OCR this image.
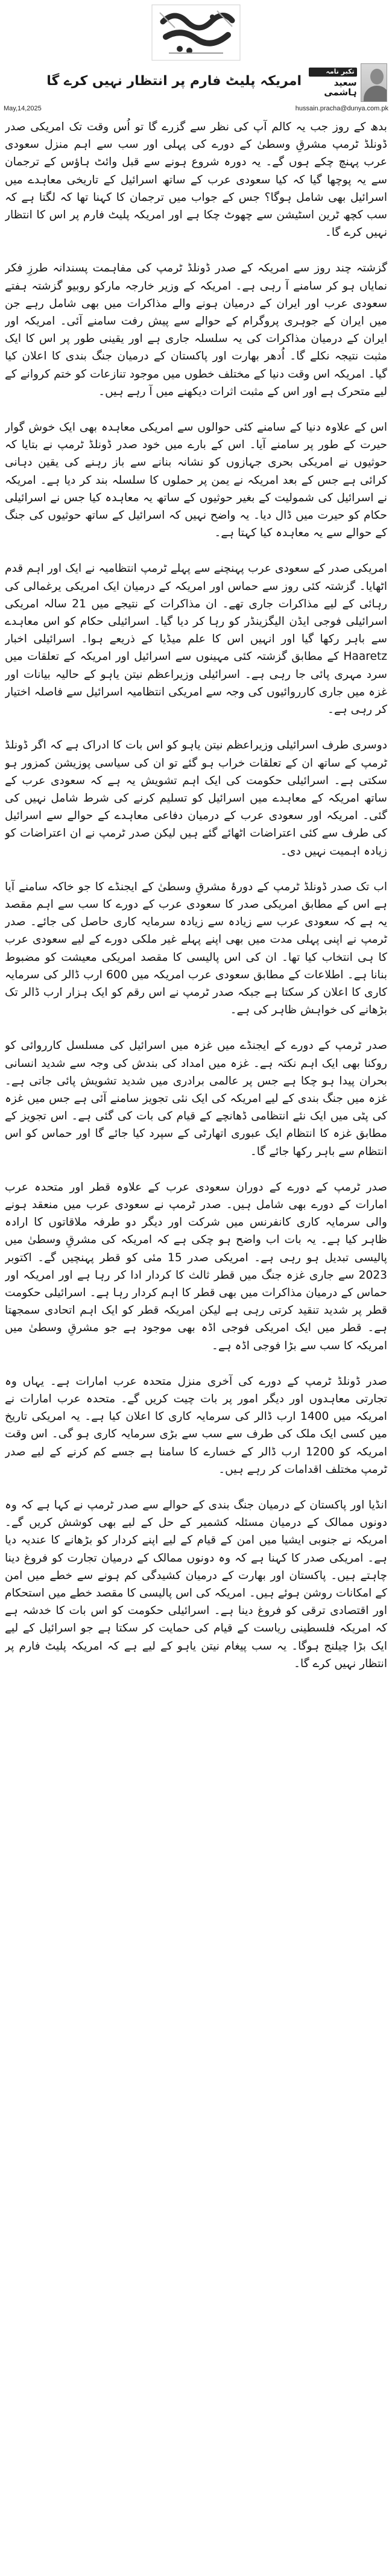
امریکہ پلیٹ فارم پر انتظار نہیں کرے گا
تکبر نامہ
سعید ہاشمی
May,14,2025	hussain.pracha@dunya.com.pk

بدھ کے روز جب یہ کالم آپ کی نظر سے گزرے گا تو اُس وقت تک امریکی صدر ڈونلڈ ٹرمپ مشرقِ وسطیٰ کے دورے کی پہلی اور سب سے اہم منزل سعودی عرب پہنچ چکے ہوں گے۔ یہ دورہ شروع ہونے سے قبل وائٹ ہاؤس کے ترجمان سے یہ پوچھا گیا کہ کیا سعودی عرب کے ساتھ اسرائیل کے تاریخی معاہدے میں اسرائیل بھی شامل ہوگا؟ جس کے جواب میں ترجمان کا کہنا تھا کہ لگتا ہے کہ سب کچھ ٹرین اسٹیشن سے چھوٹ چکا ہے اور امریکہ پلیٹ فارم پر اس کا انتظار نہیں کرے گا۔

گزشتہ چند روز سے امریکہ کے صدر ڈونلڈ ٹرمپ کی مفاہمت پسندانہ طرزِ فکر نمایاں ہو کر سامنے آ رہی ہے۔ امریکہ کے وزیر خارجہ مارکو روبیو گزشتہ ہفتے سعودی عرب اور ایران کے درمیان ہونے والے مذاکرات میں بھی شامل رہے جن میں ایران کے جوہری پروگرام کے حوالے سے پیش رفت سامنے آئی۔ امریکہ اور ایران کے درمیان مذاکرات کی یہ سلسلہ جاری ہے اور یقینی طور پر اس کا ایک مثبت نتیجہ نکلے گا۔ اُدھر بھارت اور پاکستان کے درمیان جنگ بندی کا اعلان کیا گیا۔ امریکہ اس وقت دنیا کے مختلف خطوں میں موجود تنازعات کو ختم کروانے کے لیے متحرک ہے اور اس کے مثبت اثرات دیکھنے میں آ رہے ہیں۔

اس کے علاوہ دنیا کے سامنے کئی حوالوں سے امریکی معاہدہ بھی ایک خوش گوار حیرت کے طور پر سامنے آیا۔ اس کے بارے میں خود صدر ڈونلڈ ٹرمپ نے بتایا کہ حوثیوں نے امریکی بحری جہازوں کو نشانہ بنانے سے باز رہنے کی یقین دہانی کرائی ہے جس کے بعد امریکہ نے یمن پر حملوں کا سلسلہ بند کر دیا ہے۔ امریکہ نے اسرائیل کی شمولیت کے بغیر حوثیوں کے ساتھ یہ معاہدہ کیا جس نے اسرائیلی حکام کو حیرت میں ڈال دیا۔ یہ واضح نہیں کہ اسرائیل کے ساتھ حوثیوں کی جنگ کے حوالے سے یہ معاہدہ کیا کہتا ہے۔

امریکی صدر کے سعودی عرب پہنچنے سے پہلے ٹرمپ انتظامیہ نے ایک اور اہم قدم اٹھایا۔ گزشتہ کئی روز سے حماس اور امریکہ کے درمیان ایک امریکی یرغمالی کی رہائی کے لیے مذاکرات جاری تھے۔ ان مذاکرات کے نتیجے میں 21 سالہ امریکی اسرائیلی فوجی ایڈن الیگزینڈر کو رہا کر دیا گیا۔ اسرائیلی حکام کو اس معاہدے سے باہر رکھا گیا اور انہیں اس کا علم میڈیا کے ذریعے ہوا۔ اسرائیلی اخبار Haaretz کے مطابق گزشتہ کئی مہینوں سے اسرائیل اور امریکہ کے تعلقات میں سرد مہری پائی جا رہی ہے۔ اسرائیلی وزیراعظم نیتن یاہو کے حالیہ بیانات اور غزہ میں جاری کارروائیوں کی وجہ سے امریکی انتظامیہ اسرائیل سے فاصلہ اختیار کر رہی ہے۔

دوسری طرف اسرائیلی وزیراعظم نیتن یاہو کو اس بات کا ادراک ہے کہ اگر ڈونلڈ ٹرمپ کے ساتھ ان کے تعلقات خراب ہو گئے تو ان کی سیاسی پوزیشن کمزور ہو سکتی ہے۔ اسرائیلی حکومت کی ایک اہم تشویش یہ ہے کہ سعودی عرب کے ساتھ امریکہ کے معاہدے میں اسرائیل کو تسلیم کرنے کی شرط شامل نہیں کی گئی۔ امریکہ اور سعودی عرب کے درمیان دفاعی معاہدے کے حوالے سے اسرائیل کی طرف سے کئی اعتراضات اٹھائے گئے ہیں لیکن صدر ٹرمپ نے ان اعتراضات کو زیادہ اہمیت نہیں دی۔

اب تک صدر ڈونلڈ ٹرمپ کے دورۂ مشرقِ وسطیٰ کے ایجنڈے کا جو خاکہ سامنے آیا ہے اس کے مطابق امریکی صدر کا سعودی عرب کے دورے کا سب سے اہم مقصد یہ ہے کہ سعودی عرب سے زیادہ سے زیادہ سرمایہ کاری حاصل کی جائے۔ صدر ٹرمپ نے اپنی پہلی مدت میں بھی اپنے پہلے غیر ملکی دورے کے لیے سعودی عرب کا ہی انتخاب کیا تھا۔ ان کی اس پالیسی کا مقصد امریکی معیشت کو مضبوط بنانا ہے۔ اطلاعات کے مطابق سعودی عرب امریکہ میں 600 ارب ڈالر کی سرمایہ کاری کا اعلان کر سکتا ہے جبکہ صدر ٹرمپ نے اس رقم کو ایک ہزار ارب ڈالر تک بڑھانے کی خواہش ظاہر کی ہے۔

صدر ٹرمپ کے دورے کے ایجنڈے میں غزہ میں اسرائیل کی مسلسل کارروائی کو روکنا بھی ایک اہم نکتہ ہے۔ غزہ میں امداد کی بندش کی وجہ سے شدید انسانی بحران پیدا ہو چکا ہے جس پر عالمی برادری میں شدید تشویش پائی جاتی ہے۔ غزہ میں جنگ بندی کے لیے امریکہ کی ایک نئی تجویز سامنے آئی ہے جس میں غزہ کی پٹی میں ایک نئے انتظامی ڈھانچے کے قیام کی بات کی گئی ہے۔ اس تجویز کے مطابق غزہ کا انتظام ایک عبوری اتھارٹی کے سپرد کیا جائے گا اور حماس کو اس انتظام سے باہر رکھا جائے گا۔

صدر ٹرمپ کے دورے کے دوران سعودی عرب کے علاوہ قطر اور متحدہ عرب امارات کے دورے بھی شامل ہیں۔ صدر ٹرمپ نے سعودی عرب میں منعقد ہونے والی سرمایہ کاری کانفرنس میں شرکت اور دیگر دو طرفہ ملاقاتوں کا ارادہ ظاہر کیا ہے۔ یہ بات اب واضح ہو چکی ہے کہ امریکہ کی مشرقِ وسطیٰ میں پالیسی تبدیل ہو رہی ہے۔ امریکی صدر 15 مئی کو قطر پہنچیں گے۔ اکتوبر 2023 سے جاری غزہ جنگ میں قطر ثالث کا کردار ادا کر رہا ہے اور امریکہ اور حماس کے درمیان مذاکرات میں بھی قطر کا اہم کردار رہا ہے۔ اسرائیلی حکومت قطر پر شدید تنقید کرتی رہی ہے لیکن امریکہ قطر کو ایک اہم اتحادی سمجھتا ہے۔ قطر میں ایک امریکی فوجی اڈہ بھی موجود ہے جو مشرقِ وسطیٰ میں امریکہ کا سب سے بڑا فوجی اڈہ ہے۔

صدر ڈونلڈ ٹرمپ کے دورے کی آخری منزل متحدہ عرب امارات ہے۔ یہاں وہ تجارتی معاہدوں اور دیگر امور پر بات چیت کریں گے۔ متحدہ عرب امارات نے امریکہ میں 1400 ارب ڈالر کی سرمایہ کاری کا اعلان کیا ہے۔ یہ امریکی تاریخ میں کسی ایک ملک کی طرف سے سب سے بڑی سرمایہ کاری ہو گی۔ اس وقت امریکہ کو 1200 ارب ڈالر کے خسارے کا سامنا ہے جسے کم کرنے کے لیے صدر ٹرمپ مختلف اقدامات کر رہے ہیں۔

انڈیا اور پاکستان کے درمیان جنگ بندی کے حوالے سے صدر ٹرمپ نے کہا ہے کہ وہ دونوں ممالک کے درمیان مسئلہ کشمیر کے حل کے لیے بھی کوشش کریں گے۔ امریکہ نے جنوبی ایشیا میں امن کے قیام کے لیے اپنے کردار کو بڑھانے کا عندیہ دیا ہے۔ امریکی صدر کا کہنا ہے کہ وہ دونوں ممالک کے درمیان تجارت کو فروغ دینا چاہتے ہیں۔ پاکستان اور بھارت کے درمیان کشیدگی کم ہونے سے خطے میں امن کے امکانات روشن ہوئے ہیں۔ امریکہ کی اس پالیسی کا مقصد خطے میں استحکام اور اقتصادی ترقی کو فروغ دینا ہے۔ اسرائیلی حکومت کو اس بات کا خدشہ ہے کہ امریکہ فلسطینی ریاست کے قیام کی حمایت کر سکتا ہے جو اسرائیل کے لیے ایک بڑا چیلنج ہوگا۔ یہ سب پیغام نیتن یاہو کے لیے ہے کہ امریکہ پلیٹ فارم پر انتظار نہیں کرے گا۔
